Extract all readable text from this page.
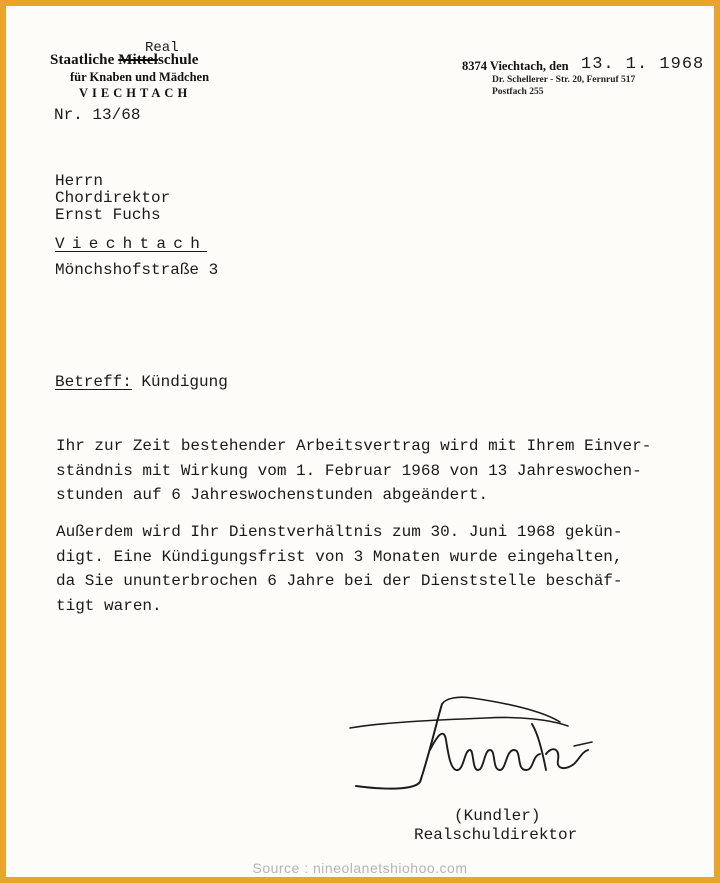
Staatliche Mittelschule
Real
für Knaben und Mädchen
VIECHTACH
8374 Viechtach, den 13. 1. 1968
Dr. Schellerer - Str. 20, Fernruf 517
Postfach 255
Nr. 13/68
Herrn
Chordirektor
Ernst Fuchs
Viechtach
Mönchshofstraße 3
Betreff: Kündigung
Ihr zur Zeit bestehender Arbeitsvertrag wird mit Ihrem Einver-
ständnis mit Wirkung vom 1. Februar 1968 von 13 Jahreswochen-
stunden auf 6 Jahreswochenstunden abgeändert.
Außerdem wird Ihr Dienstverhältnis zum 30. Juni 1968 gekün-
digt. Eine Kündigungsfrist von 3 Monaten wurde eingehalten,
da Sie ununterbrochen 6 Jahre bei der Dienststelle beschäf-
tigt waren.
(Kundler)
Realschuldirektor
Source : nineolanetshiohoo.com
